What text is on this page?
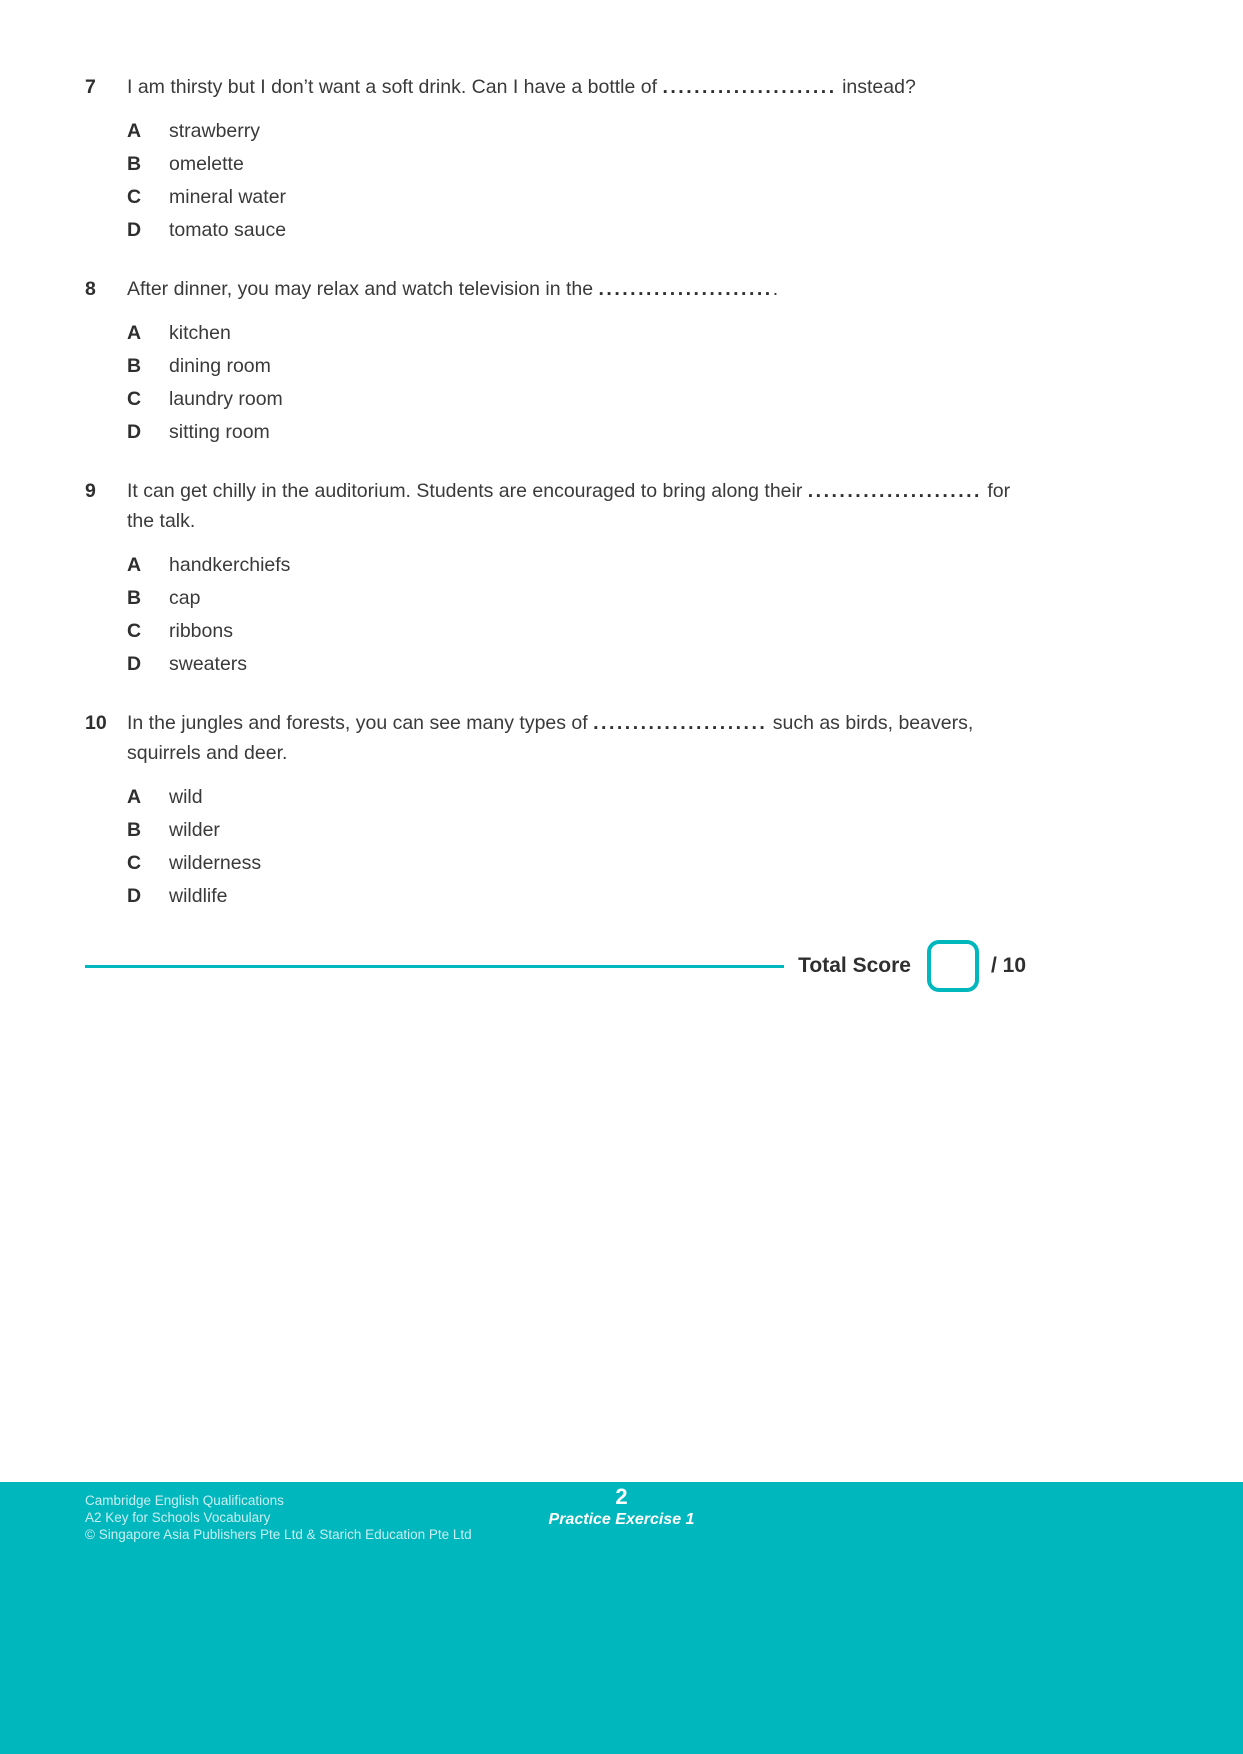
7	I am thirsty but I don’t want a soft drink. Can I have a bottle of ...................... instead?

A	strawberry
B	omelette
C	mineral water
D	tomato sauce
8	After dinner, you may relax and watch television in the .......................

A	kitchen
B	dining room
C	laundry room
D	sitting room
9	It can get chilly in the auditorium. Students are encouraged to bring along their ...................... for the talk.

A	handkerchiefs
B	cap
C	ribbons
D	sweaters
10	In the jungles and forests, you can see many types of ...................... such as birds, beavers, squirrels and deer.

A	wild
B	wilder
C	wilderness
D	wildlife
Total Score	/ 10
Cambridge English Qualifications
A2 Key for Schools Vocabulary
© Singapore Asia Publishers Pte Ltd & Starich Education Pte Ltd
2
Practice Exercise 1
